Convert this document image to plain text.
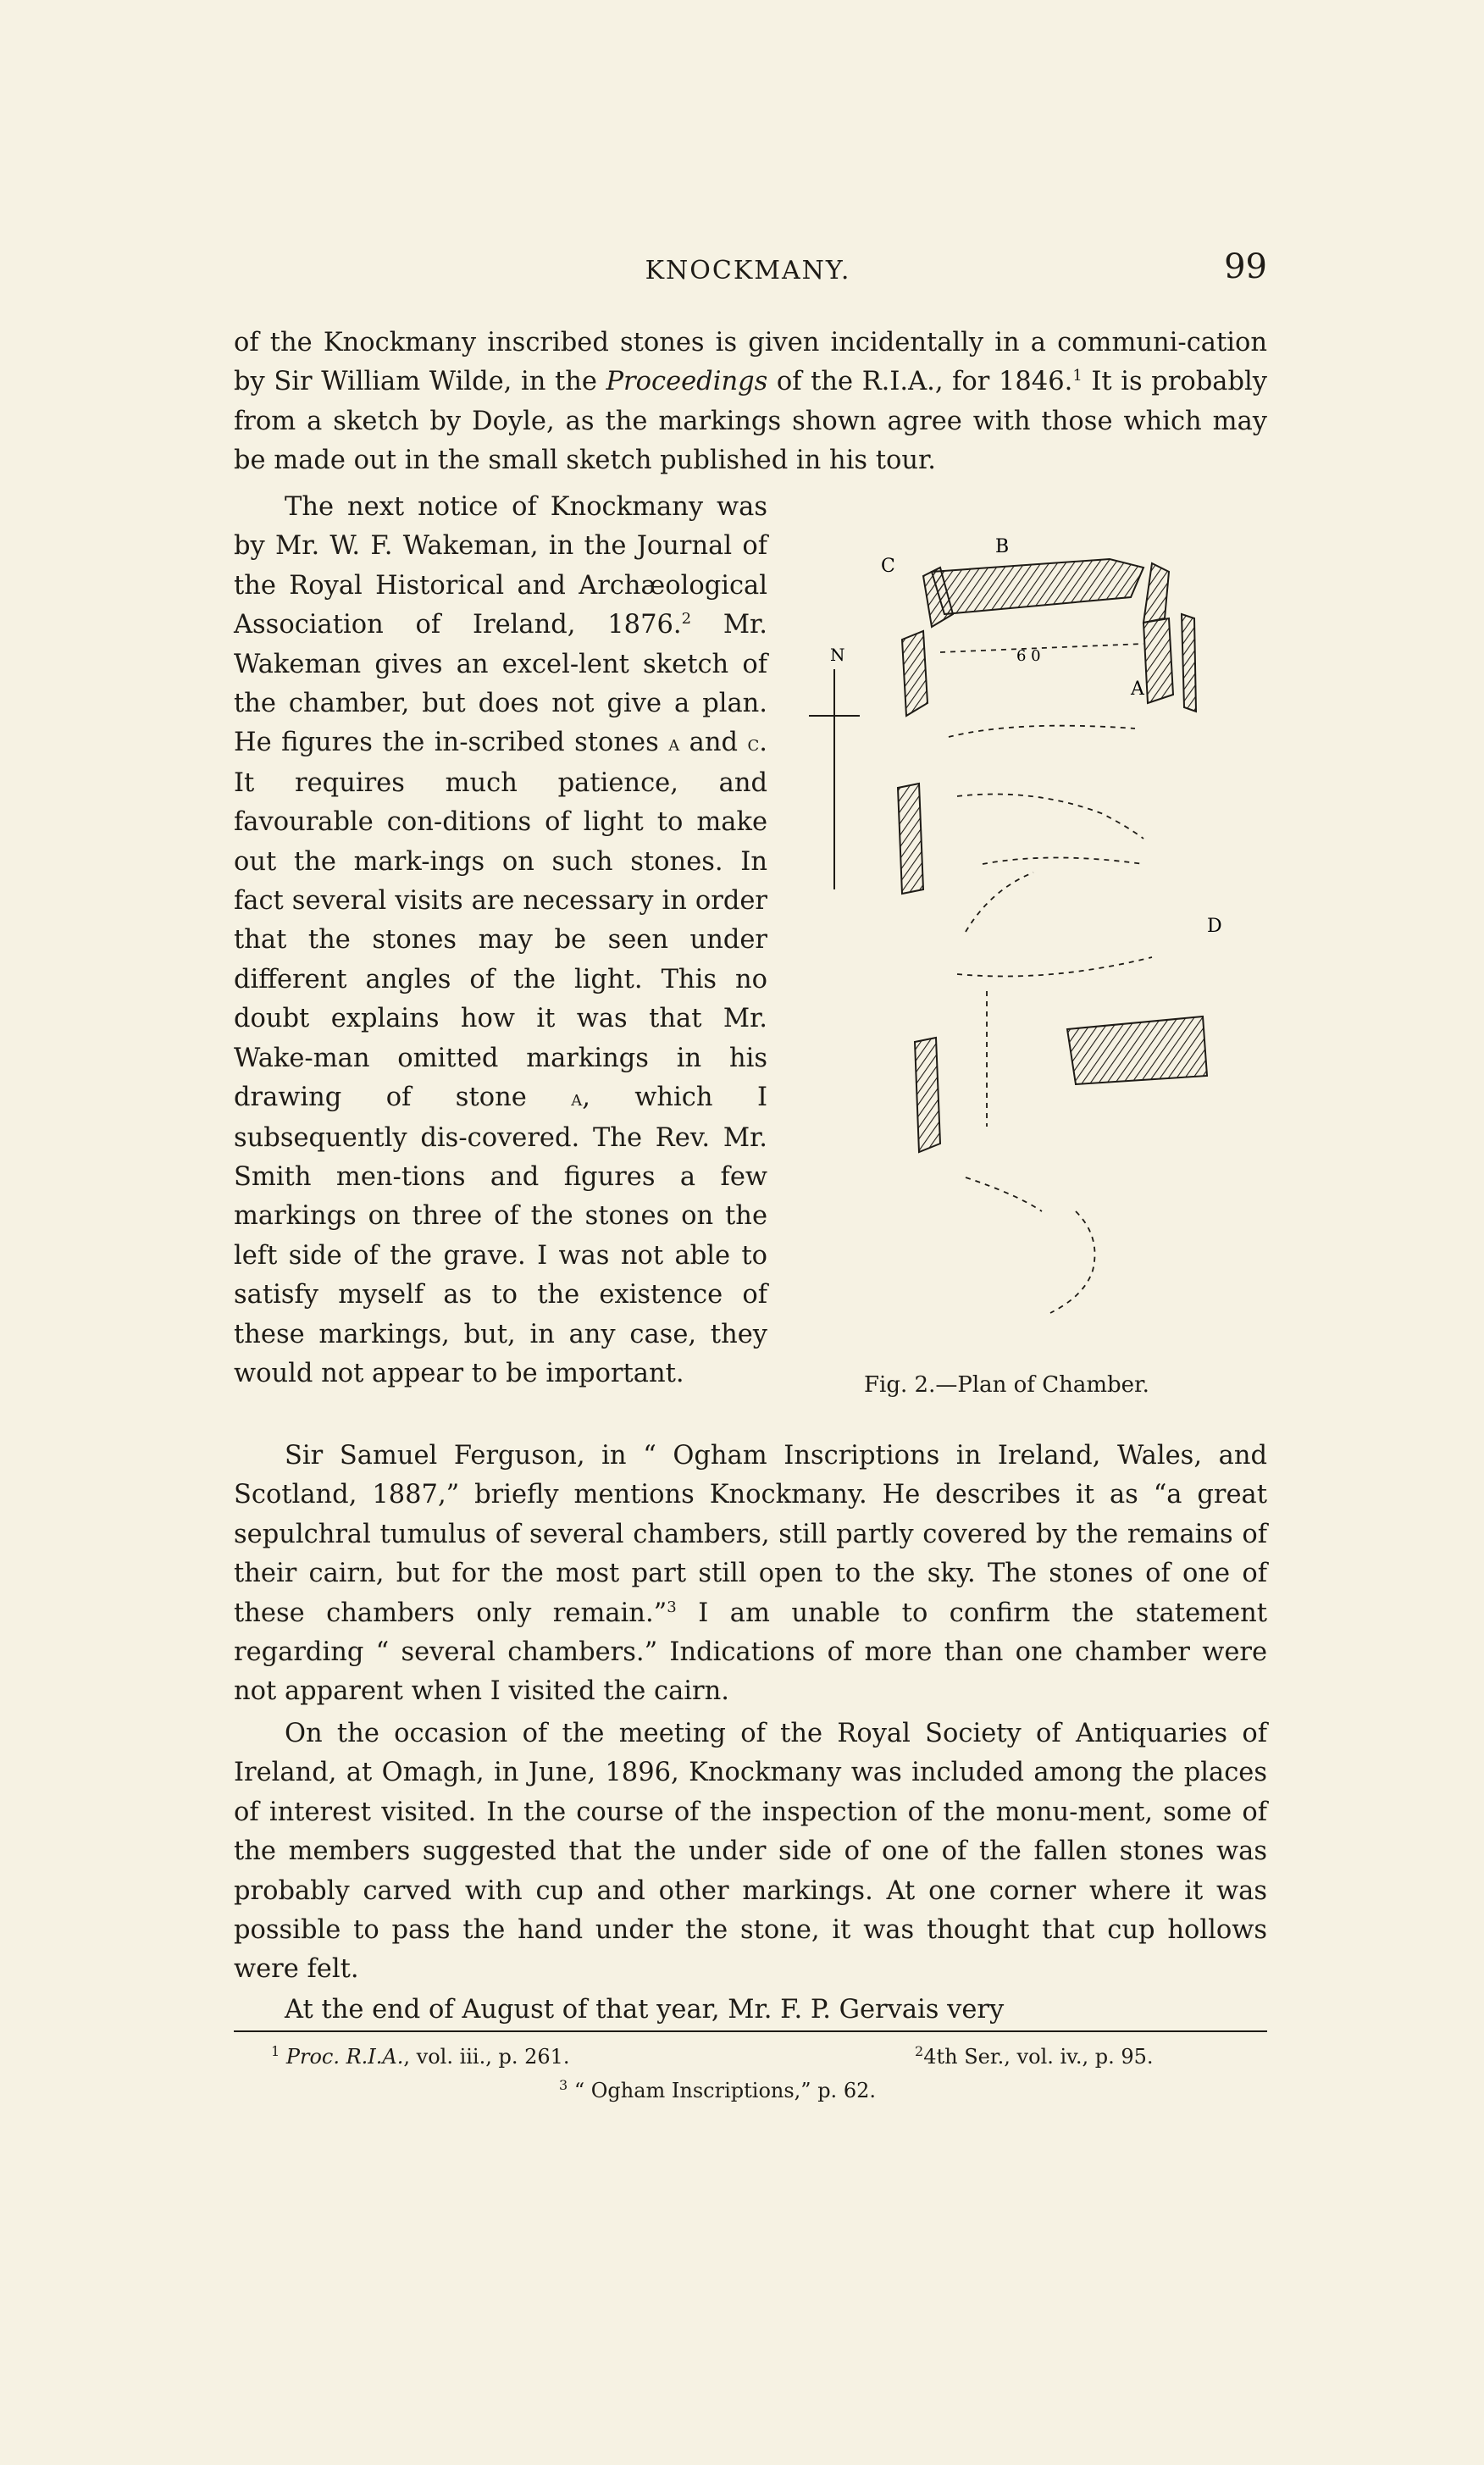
KNOCKMANY.	99

of the Knockmany inscribed stones is given incidentally in a communi-cation by Sir William Wilde, in the Proceedings of the R.I.A., for 1846.$^1$ It is probably from a sketch by Doyle, as the markings shown agree with those which may be made out in the small sketch published in his tour.

The next notice of Knockmany was by Mr. W. F. Wakeman, in the Journal of the Royal Historical and Archæological Association of Ireland, 1876.$^2$ Mr. Wakeman gives an excel-lent sketch of the chamber, but does not give a plan. He figures the in-scribed stones a and c. It requires much patience, and favourable con-ditions of light to make out the mark-ings on such stones. In fact several visits are necessary in order that the stones may be seen under different angles of the light. This no doubt explains how it was that Mr. Wake-man omitted markings in his drawing of stone a, which I subsequently dis-covered. The Rev. Mr. Smith men-tions and figures a few markings on three of the stones on the left side of the grave. I was not able to satisfy myself as to the existence of these markings, but, in any case, they would not appear to be important.

N
B
C
A
D
6 0
Fig. 2.—Plan of Chamber.

Sir Samuel Ferguson, in “ Ogham Inscriptions in Ireland, Wales, and Scotland, 1887,” briefly mentions Knockmany. He describes it as “a great sepulchral tumulus of several chambers, still partly covered by the remains of their cairn, but for the most part still open to the sky. The stones of one of these chambers only remain.”$^3$ I am unable to confirm the statement regarding “ several chambers.” Indications of more than one chamber were not apparent when I visited the cairn.

On the occasion of the meeting of the Royal Society of Antiquaries of Ireland, at Omagh, in June, 1896, Knockmany was included among the places of interest visited. In the course of the inspection of the monu-ment, some of the members suggested that the under side of one of the fallen stones was probably carved with cup and other markings. At one corner where it was possible to pass the hand under the stone, it was thought that cup hollows were felt.

At the end of August of that year, Mr. F. P. Gervais very

$^1$ Proc. R.I.A., vol. iii., p. 261.	$^2$4th Ser., vol. iv., p. 95.
$^3$ “ Ogham Inscriptions,” p. 62.
